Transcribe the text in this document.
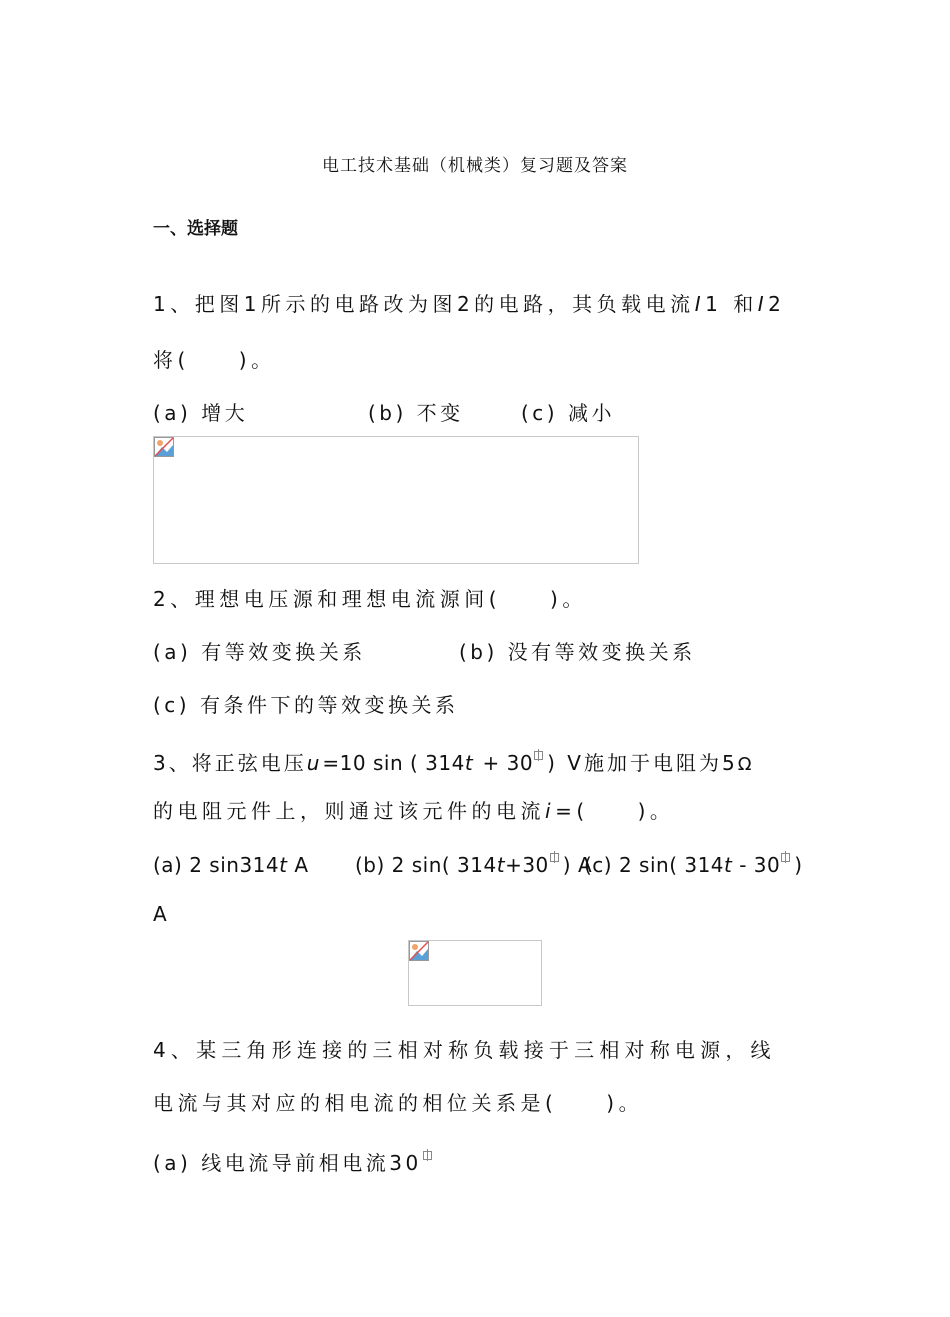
电工技术基础（机械类）复习题及答案
一、选择题
1、把图1所示的电路改为图2的电路，其负载电流I1 和I2
将(　　)。
(a) 增大	(b) 不变	(c) 减小
2、理想电压源和理想电流源间(　　)。
(a) 有等效变换关系	(b) 没有等效变换关系
(c) 有条件下的等效变换关系
3、将正弦电压u=10 sin ( 314t + 30 ) V施加于电阻为5Ω
的电阻元件上，则通过该元件的电流i=(　　)。
(a) 2 sin314t A (b) 2 sin( 314t+30 ) A
(c) 2 sin( 314t - 30 )
A
4、某三角形连接的三相对称负载接于三相对称电源，线
电流与其对应的相电流的相位关系是(　　)。
(a) 线电流导前相电流30
